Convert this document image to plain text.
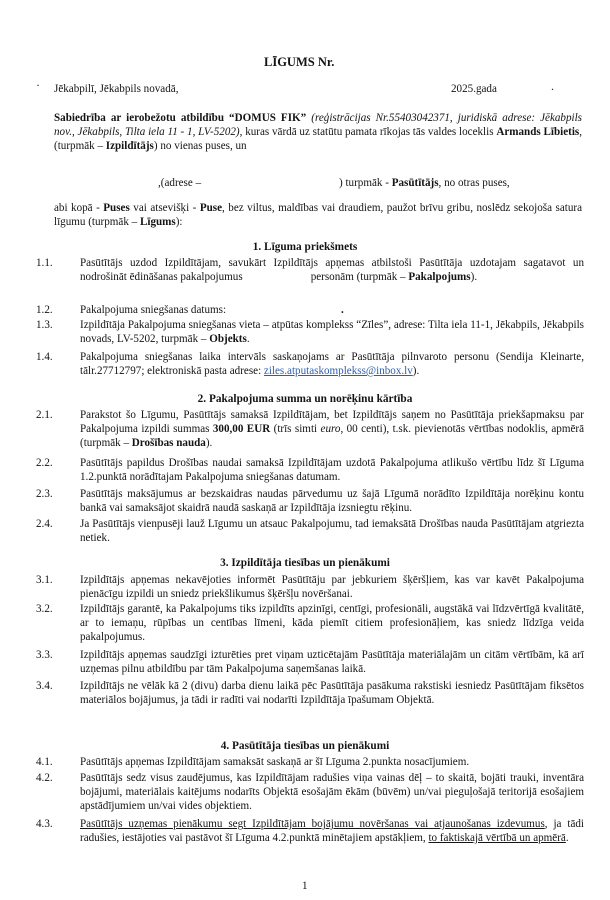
LĪGUMS Nr.
· Jēkabpilī, Jēkabpils novadā,	2025.gada	.
Sabiedrība ar ierobežotu atbildību “DOMUS FIK” (reģistrācijas Nr.55403042371, juridiskā adrese: Jēkabpils nov., Jēkabpils, Tilta iela 11 - 1, LV-5202), kuras vārdā uz statūtu pamata rīkojas tās valdes loceklis Armands Lībietis, (turpmāk – Izpildītājs) no vienas puses, un
,(adrese –	) turpmāk - Pasūtītājs, no otras puses,
abi kopā - Puses vai atsevišķi - Puse, bez viltus, maldības vai draudiem, paužot brīvu gribu, noslēdz sekojoša satura līgumu (turpmāk – Līgums):
1. Līguma priekšmets
1.1.	Pasūtītājs uzdod Izpildītājam, savukārt Izpildītājs apņemas atbilstoši Pasūtītāja uzdotajam sagatavot un nodrošināt ēdināšanas pakalpojumus	personām (turpmāk – Pakalpojums).
1.2.	Pakalpojuma sniegšanas datums:	.
1.3.	Izpildītāja Pakalpojuma sniegšanas vieta – atpūtas komplekss “Zīles”, adrese: Tilta iela 11-1, Jēkabpils, Jēkabpils novads, LV-5202, turpmāk – Objekts.
1.4.	Pakalpojuma sniegšanas laika intervāls saskaņojams ar Pasūtītāja pilnvaroto personu (Sendija Kleinarte, tālr.27712797; elektroniskā pasta adrese: ziles.atputaskomplekss@inbox.lv).
2. Pakalpojuma summa un norēķinu kārtība
2.1.	Parakstot šo Līgumu, Pasūtītājs samaksā Izpildītājam, bet Izpildītājs saņem no Pasūtītāja priekšapmaksu par Pakalpojuma izpildi summas 300,00 EUR (trīs simti euro, 00 centi), t.sk. pievienotās vērtības nodoklis, apmērā (turpmāk – Drošības nauda).
2.2.	Pasūtītājs papildus Drošības naudai samaksā Izpildītājam uzdotā Pakalpojuma atlikušo vērtību līdz šī Līguma 1.2.punktā norādītajam Pakalpojuma sniegšanas datumam.
2.3.	Pasūtītājs maksājumus ar bezskaidras naudas pārvedumu uz šajā Līgumā norādīto Izpildītāja norēķinu kontu bankā vai samaksājot skaidrā naudā saskaņā ar Izpildītāja izsniegtu rēķinu.
2.4.	Ja Pasūtītājs vienpusēji lauž Līgumu un atsauc Pakalpojumu, tad iemaksātā Drošības nauda Pasūtītājam atgriezta netiek.
3. Izpildītāja tiesības un pienākumi
3.1.	Izpildītājs apņemas nekavējoties informēt Pasūtītāju par jebkuriem šķēršļiem, kas var kavēt Pakalpojuma pienācīgu izpildi un sniedz priekšlikumus šķēršļu novēršanai.
3.2.	Izpildītājs garantē, ka Pakalpojums tiks izpildīts apzinīgi, centīgi, profesionāli, augstākā vai līdzvērtīgā kvalitātē, ar to iemaņu, rūpības un centības līmeni, kāda piemīt citiem profesionāļiem, kas sniedz līdzīga veida pakalpojumus.
3.3.	Izpildītājs apņemas saudzīgi izturēties pret viņam uzticētajām Pasūtītāja materiālajām un citām vērtībām, kā arī uzņemas pilnu atbildību par tām Pakalpojuma saņemšanas laikā.
3.4.	Izpildītājs ne vēlāk kā 2 (divu) darba dienu laikā pēc Pasūtītāja pasākuma rakstiski iesniedz Pasūtītājam fiksētos materiālos bojājumus, ja tādi ir radīti vai nodarīti Izpildītāja īpašumam Objektā.
4. Pasūtītāja tiesības un pienākumi
4.1.	Pasūtītājs apņemas Izpildītājam samaksāt saskaņā ar šī Līguma 2.punkta nosacījumiem.
4.2.	Pasūtītājs sedz visus zaudējumus, kas Izpildītājam radušies viņa vainas dēļ – to skaitā, bojāti trauki, inventāra bojājumi, materiālais kaitējums nodarīts Objektā esošajām ēkām (būvēm) un/vai pieguļošajā teritorijā esošajiem apstādījumiem un/vai vides objektiem.
4.3.	Pasūtītājs uzņemas pienākumu segt Izpildītājam bojājumu novēršanas vai atjaunošanas izdevumus, ja tādi radušies, iestājoties vai pastāvot šī Līguma 4.2.punktā minētajiem apstākļiem, to faktiskajā vērtībā un apmērā.
1
